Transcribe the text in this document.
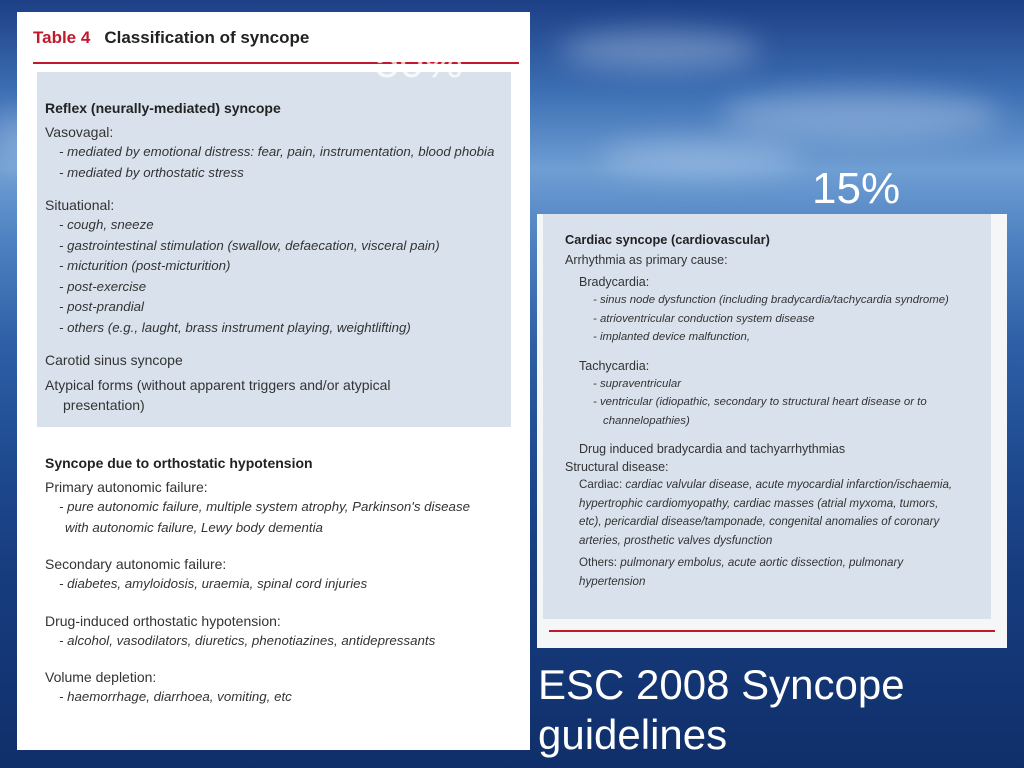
Table 4 Classification of syncope
Reflex (neurally-mediated) syncope
Vasovagal:
- mediated by emotional distress: fear, pain, instrumentation, blood phobia
- mediated by orthostatic stress
Situational:
- cough, sneeze
- gastrointestinal stimulation (swallow, defaecation, visceral pain)
- micturition (post-micturition)
- post-exercise
- post-prandial
- others (e.g., laught, brass instrument playing, weightlifting)
Carotid sinus syncope
Atypical forms (without apparent triggers and/or atypical
presentation)
Syncope due to orthostatic hypotension
Primary autonomic failure:
- pure autonomic failure, multiple system atrophy, Parkinson's disease
with autonomic failure, Lewy body dementia
Secondary autonomic failure:
- diabetes, amyloidosis, uraemia, spinal cord injuries
Drug-induced orthostatic hypotension:
- alcohol, vasodilators, diuretics, phenotiazines, antidepressants
Volume depletion:
- haemorrhage, diarrhoea, vomiting, etc
Cardiac syncope (cardiovascular)
Arrhythmia as primary cause:
Bradycardia:
- sinus node dysfunction (including bradycardia/tachycardia syndrome)
- atrioventricular conduction system disease
- implanted device malfunction,
Tachycardia:
- supraventricular
- ventricular (idiopathic, secondary to structural heart disease or to
channelopathies)
Drug induced bradycardia and tachyarrhythmias
Structural disease:
Cardiac: cardiac valvular disease, acute myocardial infarction/ischaemia,
hypertrophic cardiomyopathy, cardiac masses (atrial myxoma, tumors,
etc), pericardial disease/tamponade, congenital anomalies of coronary
arteries, prosthetic valves dysfunction
Others: pulmonary embolus, acute aortic dissection, pulmonary
hypertension
50%
15%
ESC 2008 Syncope guidelines
